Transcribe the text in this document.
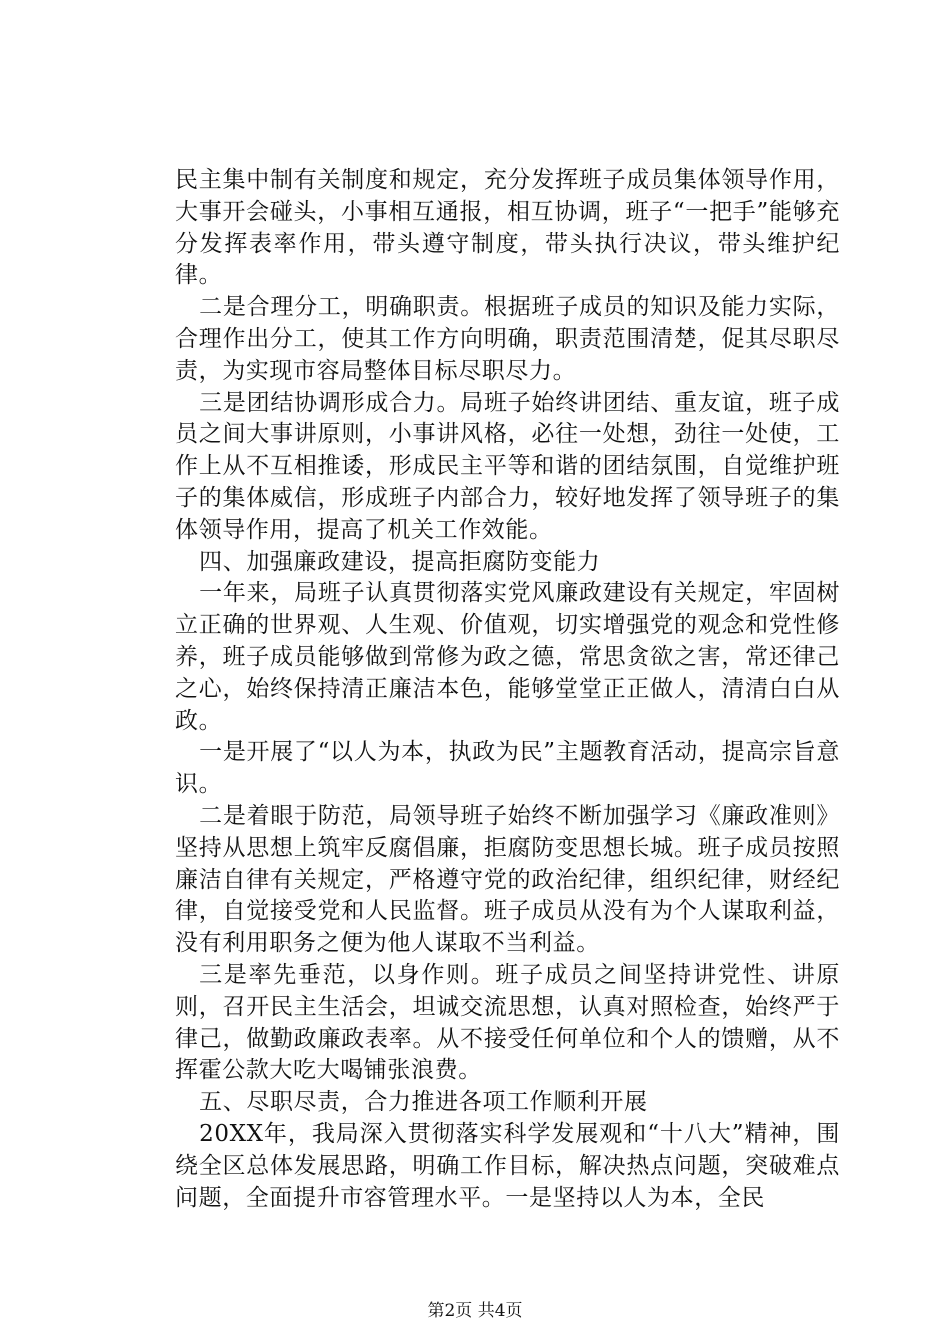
民主集中制有关制度和规定，充分发挥班子成员集体领导作用，大事开会碰头，小事相互通报，相互协调，班子“一把手”能够充分发挥表率作用，带头遵守制度，带头执行决议，带头维护纪律。

二是合理分工，明确职责。根据班子成员的知识及能力实际，合理作出分工，使其工作方向明确，职责范围清楚，促其尽职尽责，为实现市容局整体目标尽职尽力。

三是团结协调形成合力。局班子始终讲团结、重友谊，班子成员之间大事讲原则，小事讲风格，必往一处想，劲往一处使，工作上从不互相推诿，形成民主平等和谐的团结氛围，自觉维护班子的集体威信，形成班子内部合力，较好地发挥了领导班子的集体领导作用，提高了机关工作效能。

四、加强廉政建设，提高拒腐防变能力

一年来，局班子认真贯彻落实党风廉政建设有关规定，牢固树立正确的世界观、人生观、价值观，切实增强党的观念和党性修养，班子成员能够做到常修为政之德，常思贪欲之害，常还律己之心，始终保持清正廉洁本色，能够堂堂正正做人，清清白白从政。

一是开展了“以人为本，执政为民”主题教育活动，提高宗旨意识。

二是着眼于防范，局领导班子始终不断加强学习《廉政准则》坚持从思想上筑牢反腐倡廉，拒腐防变思想长城。班子成员按照廉洁自律有关规定，严格遵守党的政治纪律，组织纪律，财经纪律，自觉接受党和人民监督。班子成员从没有为个人谋取利益，没有利用职务之便为他人谋取不当利益。

三是率先垂范，以身作则。班子成员之间坚持讲党性、讲原则，召开民主生活会，坦诚交流思想，认真对照检查，始终严于律己，做勤政廉政表率。从不接受任何单位和个人的馈赠，从不挥霍公款大吃大喝铺张浪费。

五、尽职尽责，合力推进各项工作顺利开展

20XX年，我局深入贯彻落实科学发展观和“十八大”精神，围绕全区总体发展思路，明确工作目标，解决热点问题，突破难点问题，全面提升市容管理水平。一是坚持以人为本，全民

第2页 共4页
